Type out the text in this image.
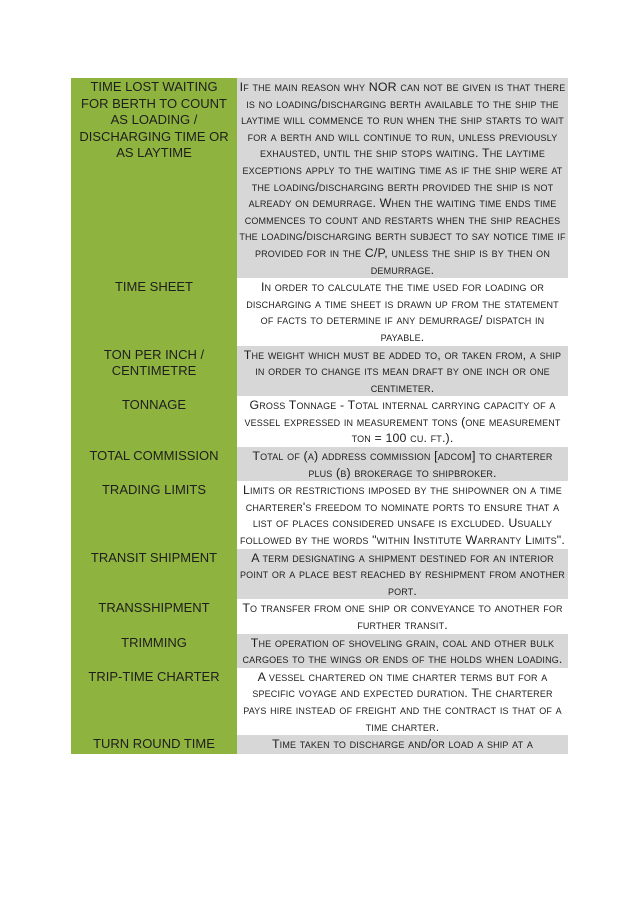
TIME LOST WAITING FOR BERTH TO COUNT AS LOADING / DISCHARGING TIME OR AS LAYTIME	If the main reason why NOR can not be given is that there is no loading/discharging berth available to the ship the laytime will commence to run when the ship starts to wait for a berth and will continue to run, unless previously exhausted, until the ship stops waiting. The laytime exceptions apply to the waiting time as if the ship were at the loading/discharging berth provided the ship is not already on demurrage. When the waiting time ends time commences to count and restarts when the ship reaches the loading/discharging berth subject to say notice time if provided for in the C/P, unless the ship is by then on demurrage.

TIME SHEET	In order to calculate the time used for loading or discharging a time sheet is drawn up from the statement of facts to determine if any demurrage/ dispatch in payable.

TON PER INCH / CENTIMETRE	The weight which must be added to, or taken from, a ship in order to change its mean draft by one inch or one centimeter.

TONNAGE	Gross Tonnage - Total internal carrying capacity of a vessel expressed in measurement tons (one measurement ton = 100 cu. ft.).

TOTAL COMMISSION	Total of (a) address commission [adcom] to charterer plus (b) brokerage to shipbroker.

TRADING LIMITS	Limits or restrictions imposed by the shipowner on a time charterer's freedom to nominate ports to ensure that a list of places considered unsafe is excluded. Usually followed by the words "within Institute Warranty Limits".

TRANSIT SHIPMENT	A term designating a shipment destined for an interior point or a place best reached by reshipment from another port.

TRANSSHIPMENT	To transfer from one ship or conveyance to another for further transit.

TRIMMING	The operation of shoveling grain, coal and other bulk cargoes to the wings or ends of the holds when loading.

TRIP-TIME CHARTER	A vessel chartered on time charter terms but for a specific voyage and expected duration. The charterer pays hire instead of freight and the contract is that of a time charter.

TURN ROUND TIME	Time taken to discharge and/or load a ship at a
